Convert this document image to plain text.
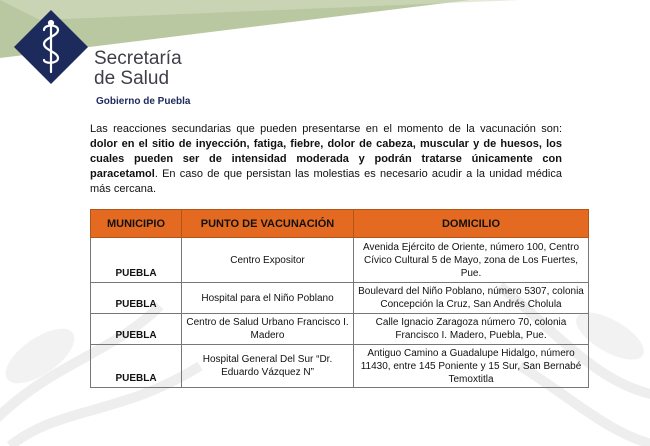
Secretaría
de Salud
Gobierno de Puebla
Las reacciones secundarias que pueden presentarse en el momento de la vacunación son: dolor en el sitio de inyección, fatiga, fiebre, dolor de cabeza, muscular y de huesos, los cuales pueden ser de intensidad moderada y podrán tratarse únicamente con paracetamol. En caso de que persistan las molestias es necesario acudir a la unidad médica más cercana.
MUNICIPIO	PUNTO DE VACUNACIÓN	DOMICILIO
PUEBLA	Centro Expositor	Avenida Ejército de Oriente, número 100, Centro Cívico Cultural 5 de Mayo, zona de Los Fuertes, Pue.
PUEBLA	Hospital para el Niño Poblano	Boulevard del Niño Poblano, número 5307, colonia Concepción la Cruz, San Andrés Cholula
PUEBLA	Centro de Salud Urbano Francisco I. Madero	Calle Ignacio Zaragoza número 70, colonia Francisco I. Madero, Puebla, Pue.
PUEBLA	Hospital General Del Sur “Dr. Eduardo Vázquez N”	Antiguo Camino a Guadalupe Hidalgo, número 11430, entre 145 Poniente y 15 Sur, San Bernabé Temoxtitla
